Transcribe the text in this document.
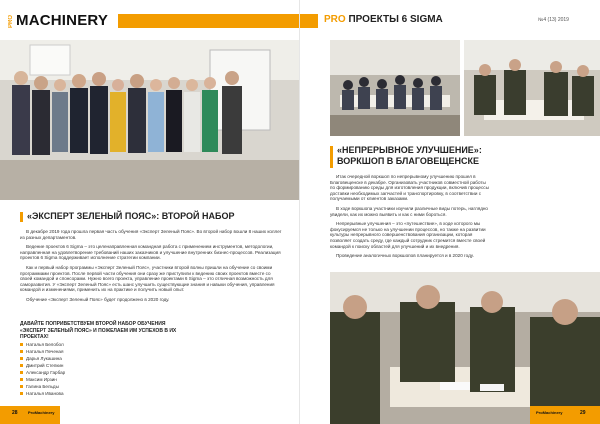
PRO MACHINERY
«ЭКСПЕРТ ЗЕЛЕНЫЙ ПОЯС»: ВТОРОЙ НАБОР

В декабре 2019 года прошла первая часть обучения «Эксперт Зеленый Пояс». Во второй набор вошли 8 наших коллег из разных департаментов.

Ведение проектов 6 Sigma – это целенаправленная командная работа с применением инструментов, методологии, направленная на удовлетворение требований наших заказчиков и улучшение внутренних бизнес-процессов. Реализация проектов 6 Sigma поддерживает исполнение стратегии компании.

Как и первый набор программы «Эксперт Зеленый Пояс», участники второй волны пришли на обучение со своими программами проектов. После первой части обучения они сразу же приступили к ведению своих проектов вместе со своей командой и спонсорами. Нужно всего проекта, управление проектами 6 Sigma – это отличная возможность для саморазвития. У «Эксперт Зеленый Пояс» есть шанс улучшить существующие знания и навыки обучения, управления командой и изменениями, применить их на практике и получить новый опыт.

Обучение «Эксперт Зеленый Пояс» будет продолжено в 2020 году.

ДАВАЙТЕ ПОПРИВЕТСТВУЕМ ВТОРОЙ НАБОР ОБУЧЕНИЯ «ЭКСПЕРТ ЗЕЛЕНЫЙ ПОЯС» И ПОЖЕЛАЕМ ИМ УСПЕХОВ В ИХ ПРОЕКТАХ!
Наталья Белобол
Наталья Печеная
Дарья Лукашина
Дмитрий Степкин
Александр Гарбар
Максим Ирзин
Галина Бельды
Наталья Иванова
28	ProMachinery
PRO ПРОЕКТЫ 6 SIGMA	№4 (13) 2019
«НЕПРЕРЫВНОЕ УЛУЧШЕНИЕ»:
ВОРКШОП В БЛАГОВЕЩЕНСКЕ

Итак очередной воркшоп по непрерывному улучшению прошел в Благовещенске в декабре. Организовать участников совместной работы по формированию среды для изготовления продукции, включив процессы доставки необходимых запчастей и транспортировку, в соответствии с получаемыми от клиентов заказами.

В ходе воркшопа участники изучили различные виды потерь, наглядно увидели, как их можно выявить и как с ними бороться.

Непрерывные улучшения – это «путешествие», в ходе которого мы фокусируемся не только на улучшении процессов, но также на развитии культуры непрерывного совершенствования организации, которая позволяет создать среду, где каждый сотрудник стремится вместе своей командой к поиску областей для улучшений и их внедрения.

Проведение аналогичных воркшопов планируется и в 2020 году.

ProMachinery	29
